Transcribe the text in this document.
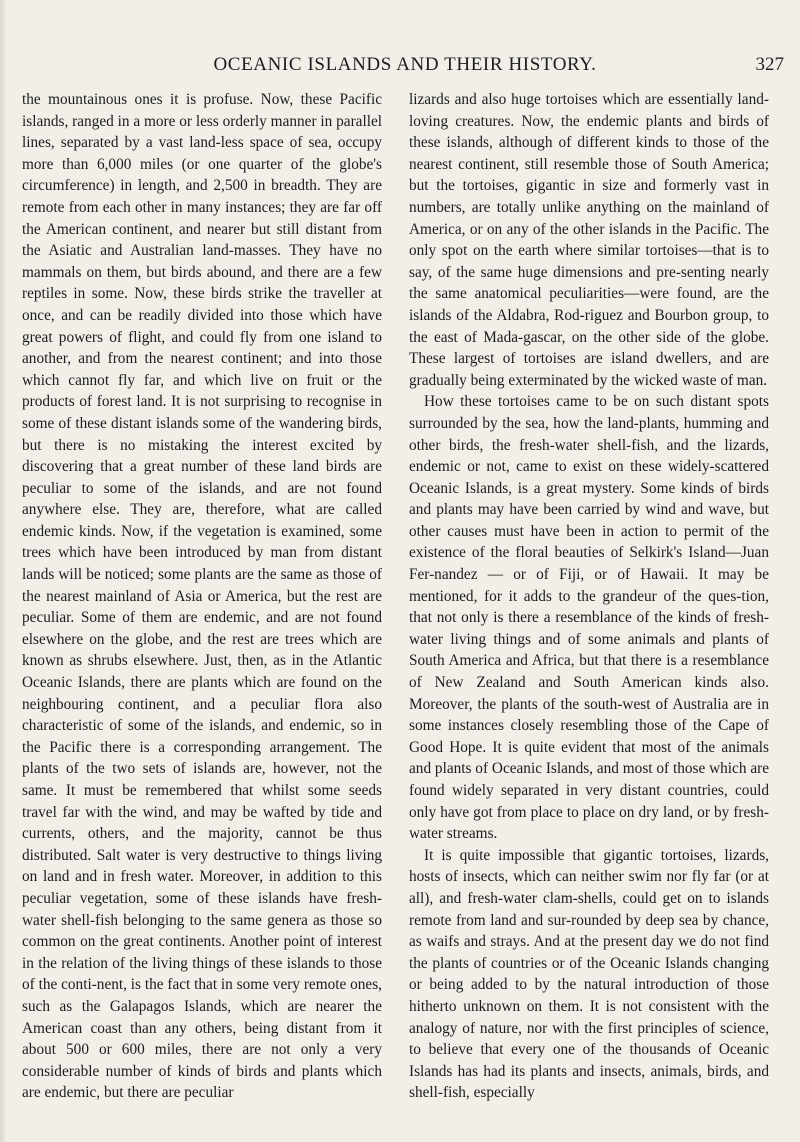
OCEANIC ISLANDS AND THEIR HISTORY.	327

the mountainous ones it is profuse. Now, these Pacific islands, ranged in a more or less orderly manner in parallel lines, separated by a vast land-less space of sea, occupy more than 6,000 miles (or one quarter of the globe's circumference) in length, and 2,500 in breadth. They are remote from each other in many instances; they are far off the American continent, and nearer but still distant from the Asiatic and Australian land-masses. They have no mammals on them, but birds abound, and there are a few reptiles in some. Now, these birds strike the traveller at once, and can be readily divided into those which have great powers of flight, and could fly from one island to another, and from the nearest continent; and into those which cannot fly far, and which live on fruit or the products of forest land. It is not surprising to recognise in some of these distant islands some of the wandering birds, but there is no mistaking the interest excited by discovering that a great number of these land birds are peculiar to some of the islands, and are not found anywhere else. They are, therefore, what are called endemic kinds. Now, if the vegetation is examined, some trees which have been introduced by man from distant lands will be noticed; some plants are the same as those of the nearest mainland of Asia or America, but the rest are peculiar. Some of them are endemic, and are not found elsewhere on the globe, and the rest are trees which are known as shrubs elsewhere. Just, then, as in the Atlantic Oceanic Islands, there are plants which are found on the neighbouring continent, and a peculiar flora also characteristic of some of the islands, and endemic, so in the Pacific there is a corresponding arrangement. The plants of the two sets of islands are, however, not the same. It must be remembered that whilst some seeds travel far with the wind, and may be wafted by tide and currents, others, and the majority, cannot be thus distributed. Salt water is very destructive to things living on land and in fresh water. Moreover, in addition to this peculiar vegetation, some of these islands have fresh-water shell-fish belonging to the same genera as those so common on the great continents. Another point of interest in the relation of the living things of these islands to those of the conti-nent, is the fact that in some very remote ones, such as the Galapagos Islands, which are nearer the American coast than any others, being distant from it about 500 or 600 miles, there are not only a very considerable number of kinds of birds and plants which are endemic, but there are peculiar

lizards and also huge tortoises which are essentially land-loving creatures. Now, the endemic plants and birds of these islands, although of different kinds to those of the nearest continent, still resemble those of South America; but the tortoises, gigantic in size and formerly vast in numbers, are totally unlike anything on the mainland of America, or on any of the other islands in the Pacific. The only spot on the earth where similar tortoises—that is to say, of the same huge dimensions and pre-senting nearly the same anatomical peculiarities—were found, are the islands of the Aldabra, Rod-riguez and Bourbon group, to the east of Mada-gascar, on the other side of the globe. These largest of tortoises are island dwellers, and are gradually being exterminated by the wicked waste of man.

How these tortoises came to be on such distant spots surrounded by the sea, how the land-plants, humming and other birds, the fresh-water shell-fish, and the lizards, endemic or not, came to exist on these widely-scattered Oceanic Islands, is a great mystery. Some kinds of birds and plants may have been carried by wind and wave, but other causes must have been in action to permit of the existence of the floral beauties of Selkirk's Island—Juan Fer-nandez — or of Fiji, or of Hawaii. It may be mentioned, for it adds to the grandeur of the ques-tion, that not only is there a resemblance of the kinds of fresh-water living things and of some animals and plants of South America and Africa, but that there is a resemblance of New Zealand and South American kinds also. Moreover, the plants of the south-west of Australia are in some instances closely resembling those of the Cape of Good Hope. It is quite evident that most of the animals and plants of Oceanic Islands, and most of those which are found widely separated in very distant countries, could only have got from place to place on dry land, or by fresh-water streams.

It is quite impossible that gigantic tortoises, lizards, hosts of insects, which can neither swim nor fly far (or at all), and fresh-water clam-shells, could get on to islands remote from land and sur-rounded by deep sea by chance, as waifs and strays. And at the present day we do not find the plants of countries or of the Oceanic Islands changing or being added to by the natural introduction of those hitherto unknown on them. It is not consistent with the analogy of nature, nor with the first principles of science, to believe that every one of the thousands of Oceanic Islands has had its plants and insects, animals, birds, and shell-fish, especially
